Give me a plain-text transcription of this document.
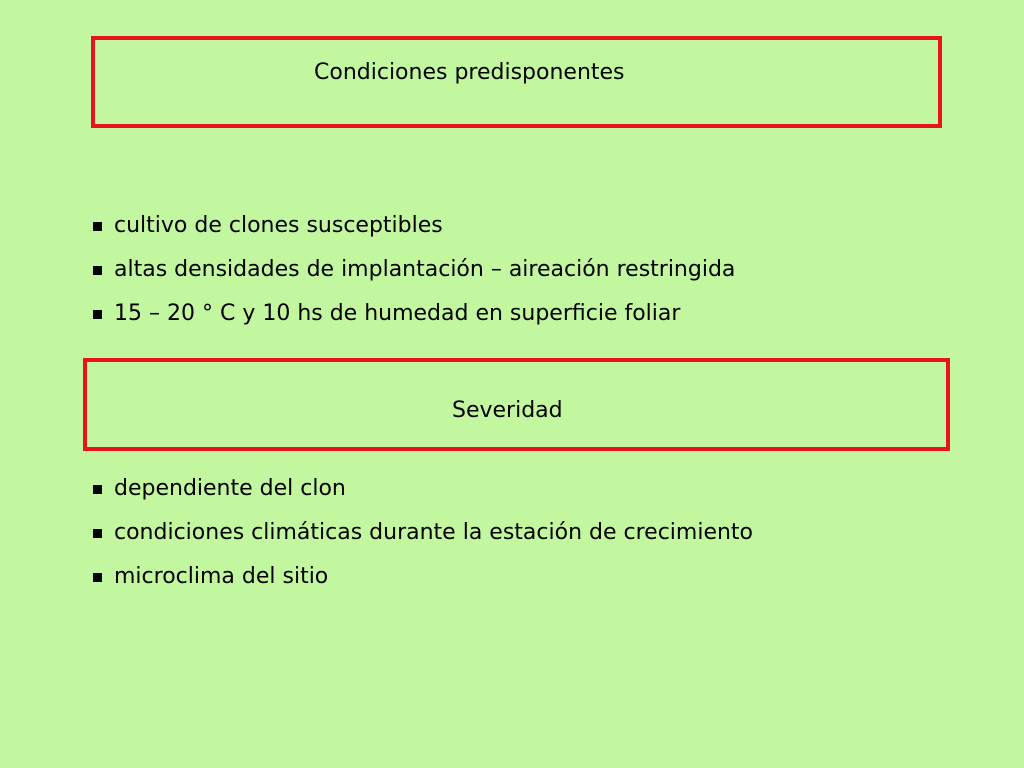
Condiciones predisponentes
cultivo de clones susceptibles
altas densidades de implantación – aireación restringida
15 – 20 ° C y 10 hs de humedad en superficie foliar
Severidad
dependiente del clon
condiciones climáticas durante la estación de crecimiento
microclima del sitio
